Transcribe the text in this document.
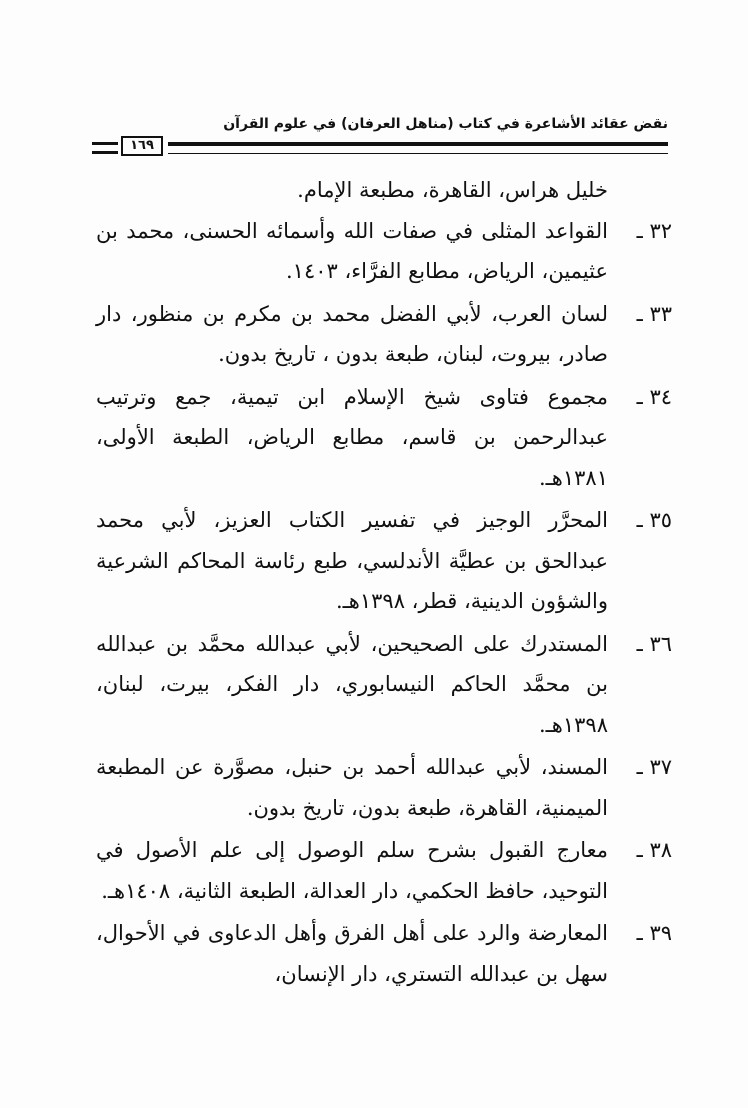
نقض عقائد الأشاعرة في كتاب (مناهل العرفان) في علوم القرآن
١٦٩
خليل هراس، القاهرة، مطبعة الإمام.
٣٢ ـ
القواعد المثلى في صفات الله وأسمائه الحسنى، محمد بن عثيمين، الرياض، مطابع الفرَّاء، ١٤٠٣.
٣٣ ـ
لسان العرب، لأبي الفضل محمد بن مكرم بن منظور، دار صادر، بيروت، لبنان، طبعة بدون ، تاريخ بدون.
٣٤ ـ
مجموع فتاوى شيخ الإسلام ابن تيمية، جمع وترتيب عبدالرحمن بن قاسم، مطابع الرياض، الطبعة الأولى، ١٣٨١هـ.
٣٥ ـ
المحرَّر الوجيز في تفسير الكتاب العزيز، لأبي محمد عبدالحق بن عطيَّة الأندلسي، طبع رئاسة المحاكم الشرعية والشؤون الدينية، قطر، ١٣٩٨هـ.
٣٦ ـ
المستدرك على الصحيحين، لأبي عبدالله محمَّد بن عبدالله بن محمَّد الحاكم النيسابوري، دار الفكر، بيرت، لبنان، ١٣٩٨هـ.
٣٧ ـ
المسند، لأبي عبدالله أحمد بن حنبل، مصوَّرة عن المطبعة الميمنية، القاهرة، طبعة بدون، تاريخ بدون.
٣٨ ـ
معارج القبول بشرح سلم الوصول إلى علم الأصول في التوحيد، حافظ الحكمي، دار العدالة، الطبعة الثانية، ١٤٠٨هـ.
٣٩ ـ
المعارضة والرد على أهل الفرق وأهل الدعاوى في الأحوال، سهل بن عبدالله التستري، دار الإنسان،
